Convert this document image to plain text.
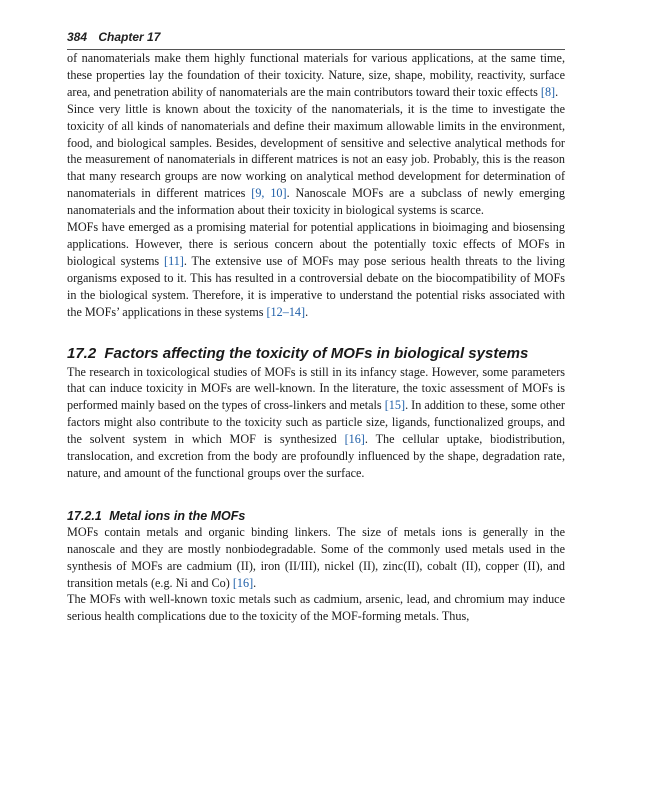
384 Chapter 17

of nanomaterials make them highly functional materials for various applications, at the same time, these properties lay the foundation of their toxicity. Nature, size, shape, mobility, reactivity, surface area, and penetration ability of nanomaterials are the main contributors toward their toxic effects [8].

Since very little is known about the toxicity of the nanomaterials, it is the time to investigate the toxicity of all kinds of nanomaterials and define their maximum allowable limits in the environment, food, and biological samples. Besides, development of sensitive and selective analytical methods for the measurement of nanomaterials in different matrices is not an easy job. Probably, this is the reason that many research groups are now working on analytical method development for determination of nanomaterials in different matrices [9, 10]. Nanoscale MOFs are a subclass of newly emerging nanomaterials and the information about their toxicity in biological systems is scarce.

MOFs have emerged as a promising material for potential applications in bioimaging and biosensing applications. However, there is serious concern about the potentially toxic effects of MOFs in biological systems [11]. The extensive use of MOFs may pose serious health threats to the living organisms exposed to it. This has resulted in a controversial debate on the biocompatibility of MOFs in the biological system. Therefore, it is imperative to understand the potential risks associated with the MOFs’ applications in these systems [12–14].

17.2 Factors affecting the toxicity of MOFs in biological systems

The research in toxicological studies of MOFs is still in its infancy stage. However, some parameters that can induce toxicity in MOFs are well-known. In the literature, the toxic assessment of MOFs is performed mainly based on the types of cross-linkers and metals [15]. In addition to these, some other factors might also contribute to the toxicity such as particle size, ligands, functionalized groups, and the solvent system in which MOF is synthesized [16]. The cellular uptake, biodistribution, translocation, and excretion from the body are profoundly influenced by the shape, degradation rate, nature, and amount of the functional groups over the surface.

17.2.1 Metal ions in the MOFs

MOFs contain metals and organic binding linkers. The size of metals ions is generally in the nanoscale and they are mostly nonbiodegradable. Some of the commonly used metals used in the synthesis of MOFs are cadmium (II), iron (II/III), nickel (II), zinc(II), cobalt (II), copper (II), and transition metals (e.g. Ni and Co) [16].

The MOFs with well-known toxic metals such as cadmium, arsenic, lead, and chromium may induce serious health complications due to the toxicity of the MOF-forming metals. Thus,
